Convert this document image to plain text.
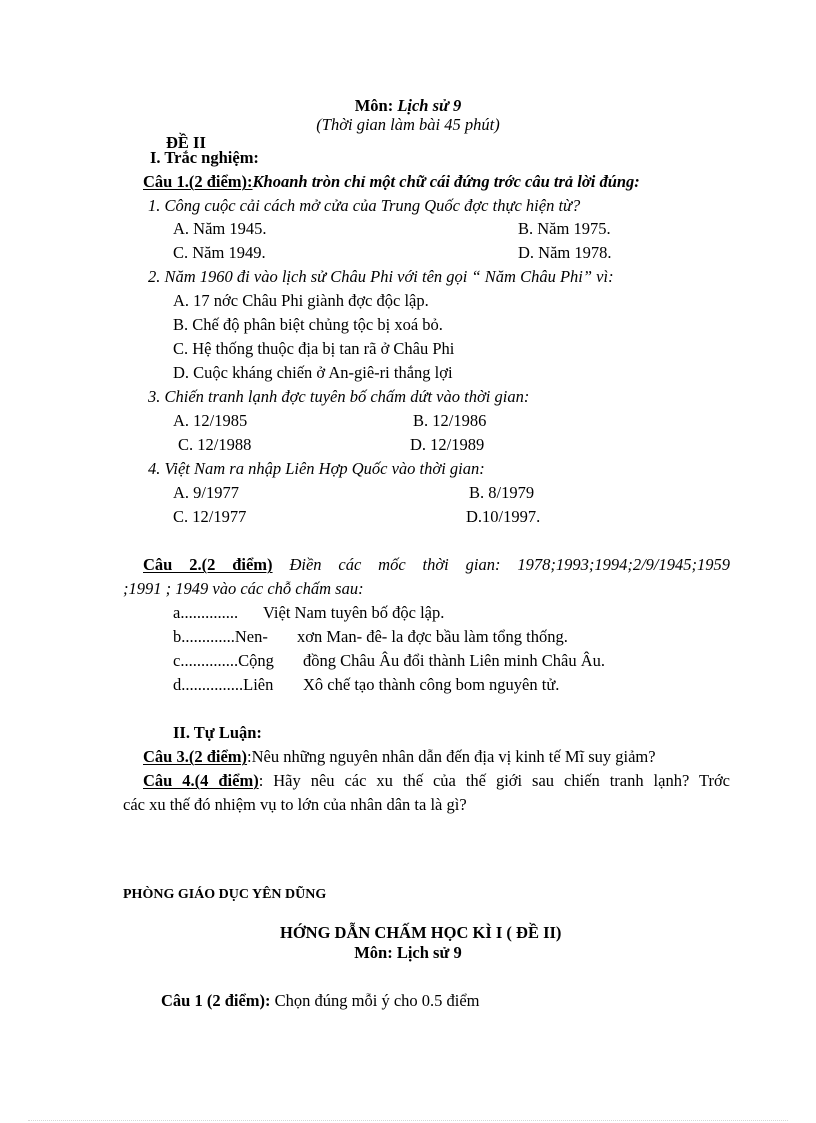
Môn: Lịch sử 9
(Thời gian làm bài 45 phút)
ĐỀ II
I. Trắc nghiệm:
Câu 1.(2 điểm):Khoanh tròn chỉ một chữ cái đứng trớc câu trả lời đúng:
1. Công cuộc cải cách mở cửa của Trung Quốc đợc thực hiện từ?
A. Năm 1945.	B. Năm 1975.
C. Năm 1949.	D. Năm 1978.
2. Năm 1960 đi vào lịch sử Châu Phi với tên gọi “ Năm Châu Phi” vì:
A. 17 nớc Châu Phi giành đợc độc lập.
B. Chế độ phân biệt chủng tộc bị xoá bỏ.
C. Hệ thống thuộc địa bị tan rã ở Châu Phi
D. Cuộc kháng chiến ở An-giê-ri thắng lợi
3. Chiến tranh lạnh đợc tuyên bố chấm dứt vào thời gian:
A. 12/1985	B. 12/1986
C. 12/1988	D. 12/1989
4. Việt Nam ra nhập Liên Hợp Quốc vào thời gian:
A. 9/1977	B. 8/1979
C. 12/1977	D.10/1997.
Câu 2.(2 điểm) Điền các mốc thời gian: 1978;1993;1994;2/9/1945;1959
;1991 ; 1949 vào các chỗ chấm sau:
a.............. Việt Nam tuyên bố độc lập.
b.............Nen- xơn Man- đê- la đợc bầu làm tổng thống.
c..............Cộng đồng Châu Âu đổi thành Liên minh Châu Âu.
d...............Liên Xô chế tạo thành công bom nguyên tử.
II. Tự Luận:
Câu 3.(2 điểm):Nêu những nguyên nhân dẫn đến địa vị kinh tế Mĩ suy giảm?
Câu 4.(4 điểm): Hãy nêu các xu thế của thế giới sau chiến tranh lạnh? Trớc
các xu thế đó nhiệm vụ to lớn của nhân dân ta là gì?
PHÒNG GIÁO DỤC YÊN DŨNG
HỚNG DẪN CHẤM HỌC KÌ I ( ĐỀ II)
Môn: Lịch sử 9
Câu 1 (2 điểm): Chọn đúng mỗi ý cho 0.5 điểm
